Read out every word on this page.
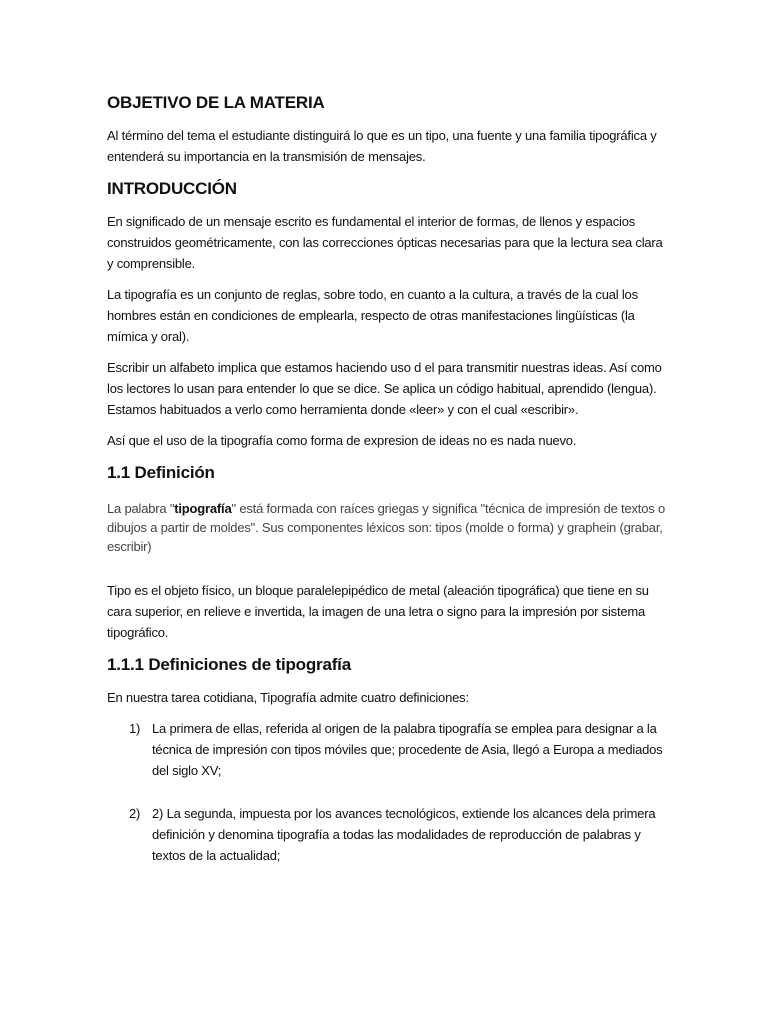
OBJETIVO DE LA MATERIA

Al término del tema el estudiante distinguirá lo que es un tipo, una fuente y una familia tipográfica y entenderá su importancia en la transmisión de mensajes.

INTRODUCCIÓN

En significado de un mensaje escrito es fundamental el interior de formas, de llenos y espacios construidos geométricamente, con las correcciones ópticas necesarias para que la lectura sea clara y comprensible.

La tipografía es un conjunto de reglas, sobre todo, en cuanto a la cultura, a través de la cual los hombres están en condiciones de emplearla, respecto de otras manifestaciones lingüísticas (la mímica y oral).

Escribir un alfabeto implica que estamos haciendo uso d el para transmitir nuestras ideas. Así como los lectores lo usan para entender lo que se dice. Se aplica un código habitual, aprendido (lengua). Estamos habituados a verlo como herramienta donde «leer» y con el cual «escribir».

Así que el uso de la tipografía como forma de expresion de ideas no es nada nuevo.

1.1 Definición

La palabra "tipografía" está formada con raíces griegas y significa "técnica de impresión de textos o dibujos a partir de moldes". Sus componentes léxicos son: tipos (molde o forma) y graphein (grabar, escribir)

Tipo es el objeto físico, un bloque paralelepipédico de metal (aleación tipográfica) que tiene en su cara superior, en relieve e invertida, la imagen de una letra o signo para la impresión por sistema tipográfico.

1.1.1 Definiciones de tipografía

En nuestra tarea cotidiana, Tipografía admite cuatro definiciones:

1) La primera de ellas, referida al origen de la palabra tipografía se emplea para designar a la técnica de impresión con tipos móviles que; procedente de Asia, llegó a Europa a mediados del siglo XV;
2) 2) La segunda, impuesta por los avances tecnológicos, extiende los alcances dela primera definición y denomina tipografía a todas las modalidades de reproducción de palabras y textos de la actualidad;
